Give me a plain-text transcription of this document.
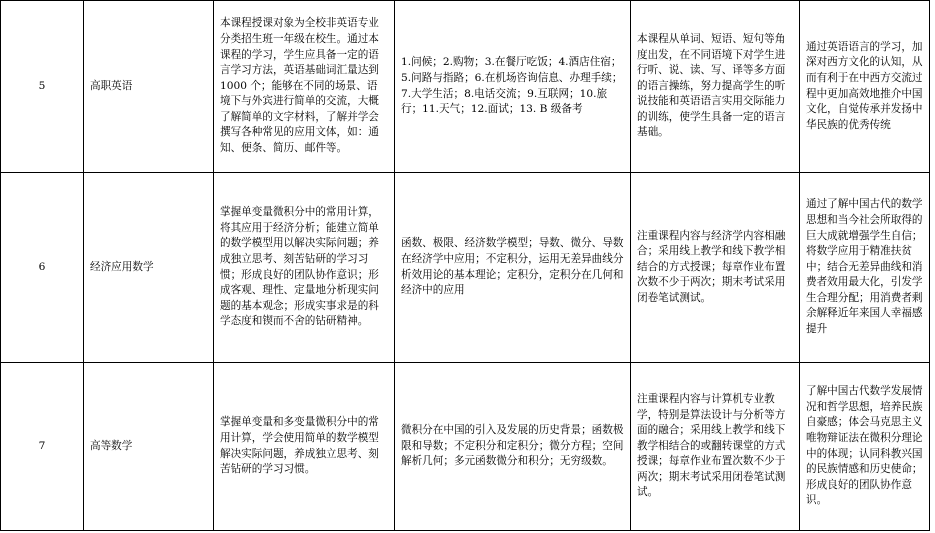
5	高职英语	本课程授课对象为全校非英语专业分类招生班一年级在校生。通过本课程的学习，学生应具备一定的语言学习方法，英语基础词汇量达到 1000 个；能够在不同的场景、语境下与外宾进行简单的交流，大概了解简单的文字材料，了解并学会撰写各种常见的应用文体，如：通知、便条、简历、邮件等。	1.问候；2.购物；3.在餐厅吃饭；4.酒店住宿；5.问路与指路；6.在机场咨询信息、办理手续；7.大学生活；8.电话交流；9.互联网；10.旅行；11.天气；12.面试；13. B 级备考	本课程从单词、短语、短句等角度出发，在不同语境下对学生进行听、说、读、写、译等多方面的语言操练，努力提高学生的听说技能和英语语言实用交际能力的训练，使学生具备一定的语言基础。	通过英语语言的学习，加深对西方文化的认知，从而有利于在中西方交流过程中更加高效地推介中国文化，自觉传承并发扬中华民族的优秀传统

6	经济应用数学	掌握单变量微积分中的常用计算，将其应用于经济分析；能建立简单的数学模型用以解决实际问题；养成独立思考、刻苦钻研的学习习惯；形成良好的团队协作意识；形成客观、理性、定量地分析现实问题的基本观念；形成实事求是的科学态度和锲而不舍的钻研精神。	函数、极限、经济数学模型；导数、微分、导数在经济学中应用；不定积分，运用无差异曲线分析效用论的基本理论；定积分，定积分在几何和经济中的应用	注重课程内容与经济学内容相融合；采用线上教学和线下教学相结合的方式授课；每章作业布置次数不少于两次；期末考试采用闭卷笔试测试。	通过了解中国古代的数学思想和当今社会所取得的巨大成就增强学生自信；将数学应用于精准扶贫中；结合无差异曲线和消费者效用最大化，引发学生合理分配；用消费者剩余解释近年来国人幸福感提升

7	高等数学	掌握单变量和多变量微积分中的常用计算，学会使用简单的数学模型解决实际问题，养成独立思考、刻苦钻研的学习习惯。	微积分在中国的引入及发展的历史背景；函数极限和导数；不定积分和定积分；微分方程；空间解析几何；多元函数微分和积分；无穷级数。	注重课程内容与计算机专业教学，特别是算法设计与分析等方面的融合；采用线上教学和线下教学相结合的或翻转课堂的方式授课；每章作业布置次数不少于两次；期末考试采用闭卷笔试测试。	了解中国古代数学发展情况和哲学思想，培养民族自豪感；体会马克思主义唯物辩证法在微积分理论中的体现；认同科教兴国的民族情感和历史使命；形成良好的团队协作意识。
